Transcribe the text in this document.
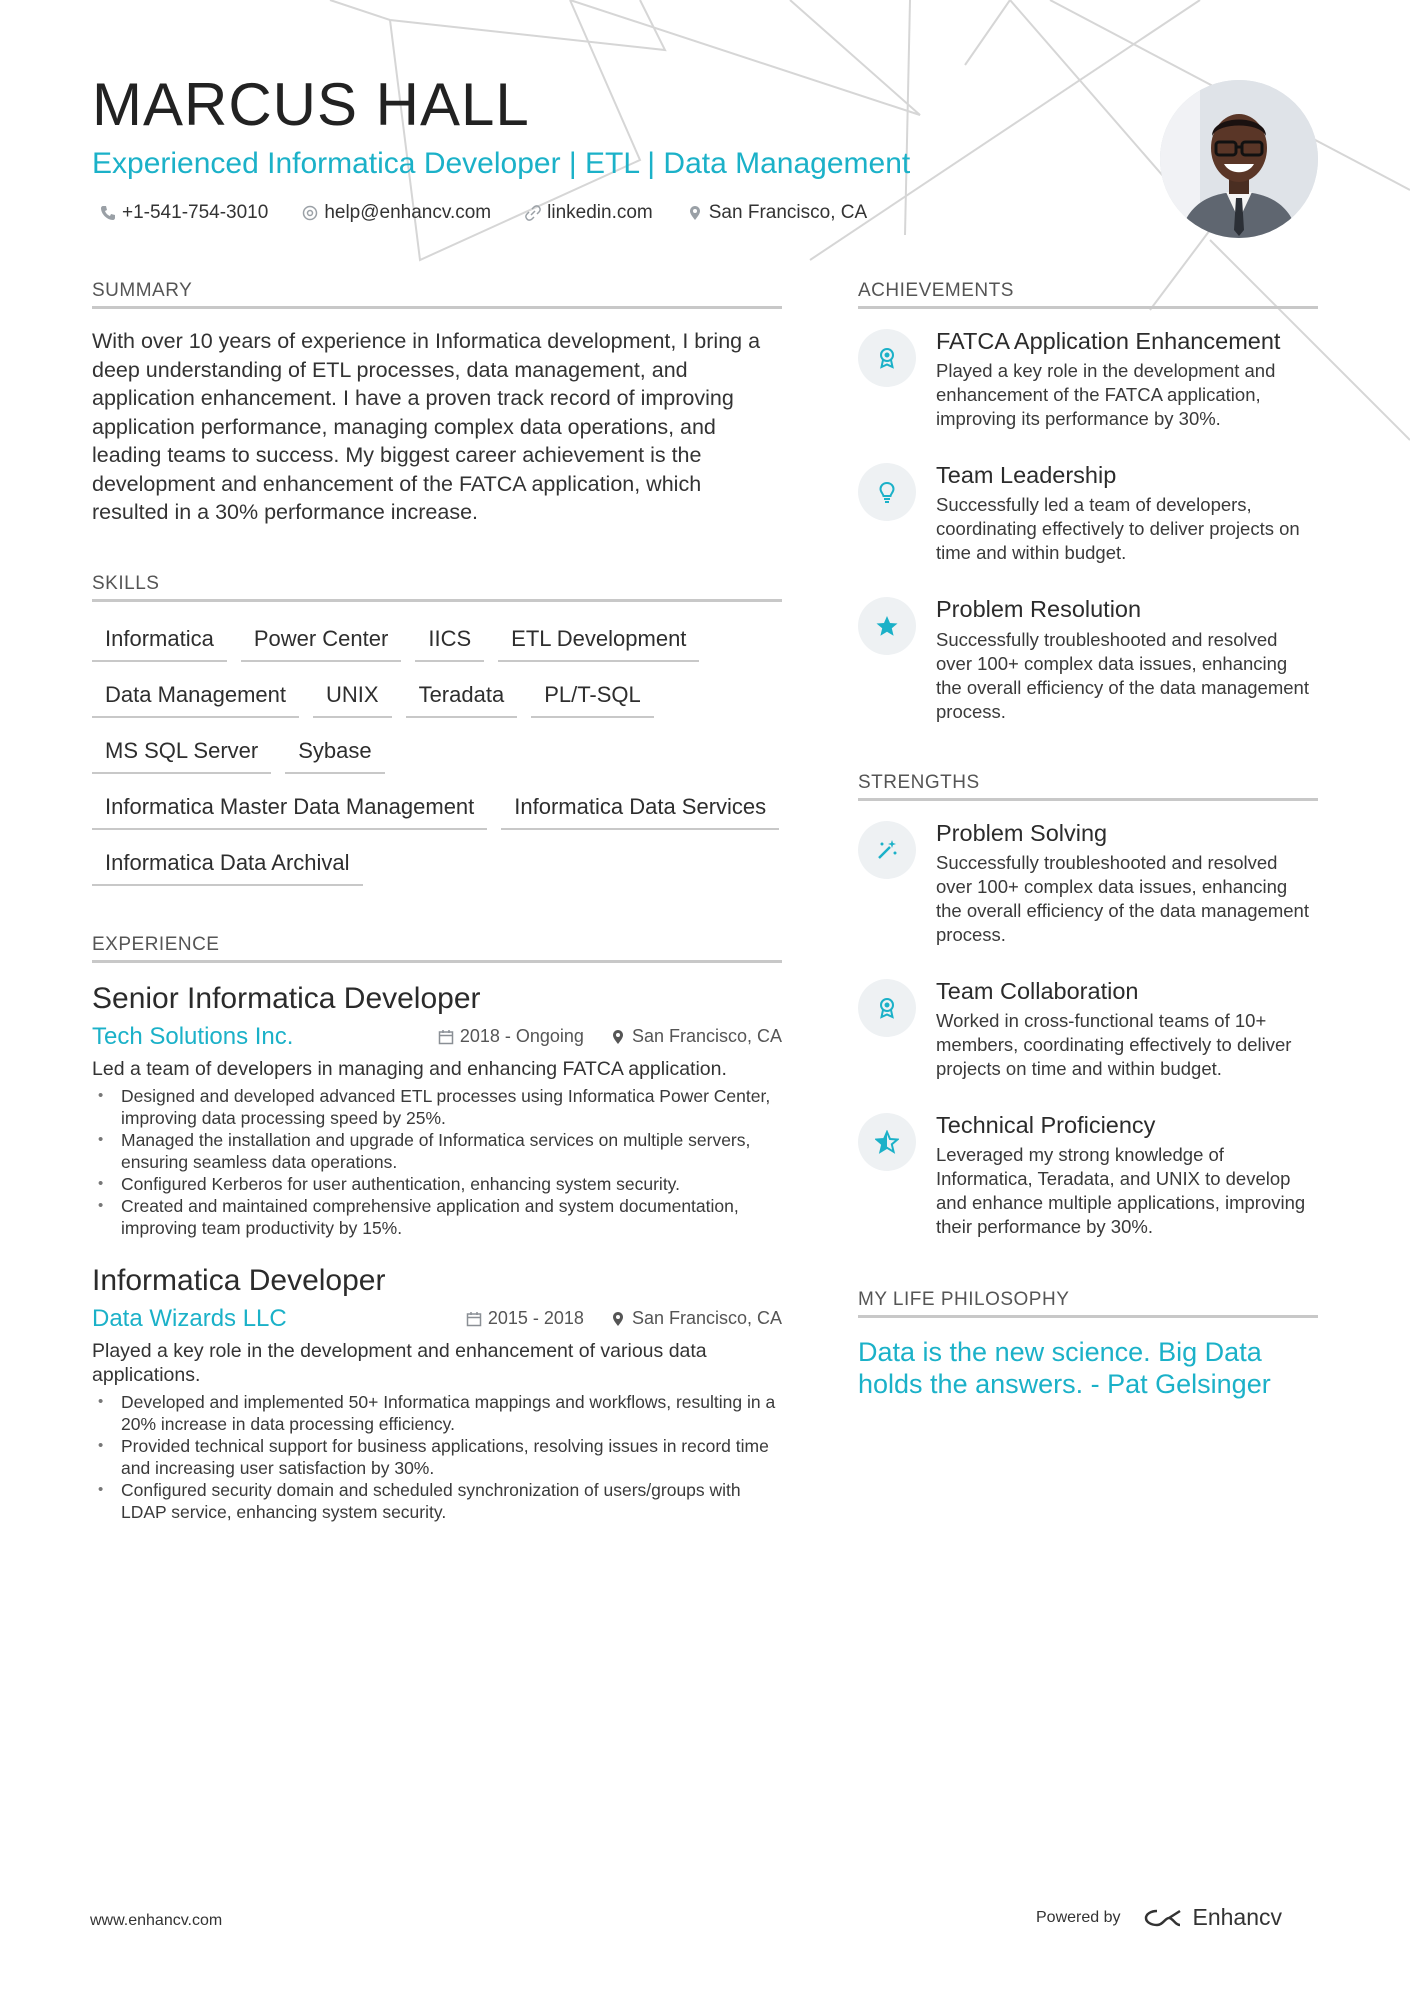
MARCUS HALL
Experienced Informatica Developer | ETL | Data Management
+1-541-754-3010	help@enhancv.com	linkedin.com	San Francisco, CA
SUMMARY

With over 10 years of experience in Informatica development, I bring a deep understanding of ETL processes, data management, and application enhancement. I have a proven track record of improving application performance, managing complex data operations, and leading teams to success. My biggest career achievement is the development and enhancement of the FATCA application, which resulted in a 30% performance increase.

SKILLS
Informatica	Power Center	IICS	ETL Development
Data Management	UNIX	Teradata	PL/T-SQL
MS SQL Server	Sybase
Informatica Master Data Management	Informatica Data Services
Informatica Data Archival
EXPERIENCE
Senior Informatica Developer
Tech Solutions Inc.	2018 - Ongoing	San Francisco, CA
Led a team of developers in managing and enhancing FATCA application.
• Designed and developed advanced ETL processes using Informatica Power Center, improving data processing speed by 25%.
• Managed the installation and upgrade of Informatica services on multiple servers, ensuring seamless data operations.
• Configured Kerberos for user authentication, enhancing system security.
• Created and maintained comprehensive application and system documentation, improving team productivity by 15%.
Informatica Developer
Data Wizards LLC	2015 - 2018	San Francisco, CA
Played a key role in the development and enhancement of various data applications.
• Developed and implemented 50+ Informatica mappings and workflows, resulting in a 20% increase in data processing efficiency.
• Provided technical support for business applications, resolving issues in record time and increasing user satisfaction by 30%.
• Configured security domain and scheduled synchronization of users/groups with LDAP service, enhancing system security.
ACHIEVEMENTS
FATCA Application Enhancement
Played a key role in the development and enhancement of the FATCA application, improving its performance by 30%.
Team Leadership
Successfully led a team of developers, coordinating effectively to deliver projects on time and within budget.
Problem Resolution
Successfully troubleshooted and resolved over 100+ complex data issues, enhancing the overall efficiency of the data management process.
STRENGTHS
Problem Solving
Successfully troubleshooted and resolved over 100+ complex data issues, enhancing the overall efficiency of the data management process.
Team Collaboration
Worked in cross-functional teams of 10+ members, coordinating effectively to deliver projects on time and within budget.
Technical Proficiency
Leveraged my strong knowledge of Informatica, Teradata, and UNIX to develop and enhance multiple applications, improving their performance by 30%.
MY LIFE PHILOSOPHY
Data is the new science. Big Data holds the answers. - Pat Gelsinger
www.enhancv.com	Powered by	Enhancv
